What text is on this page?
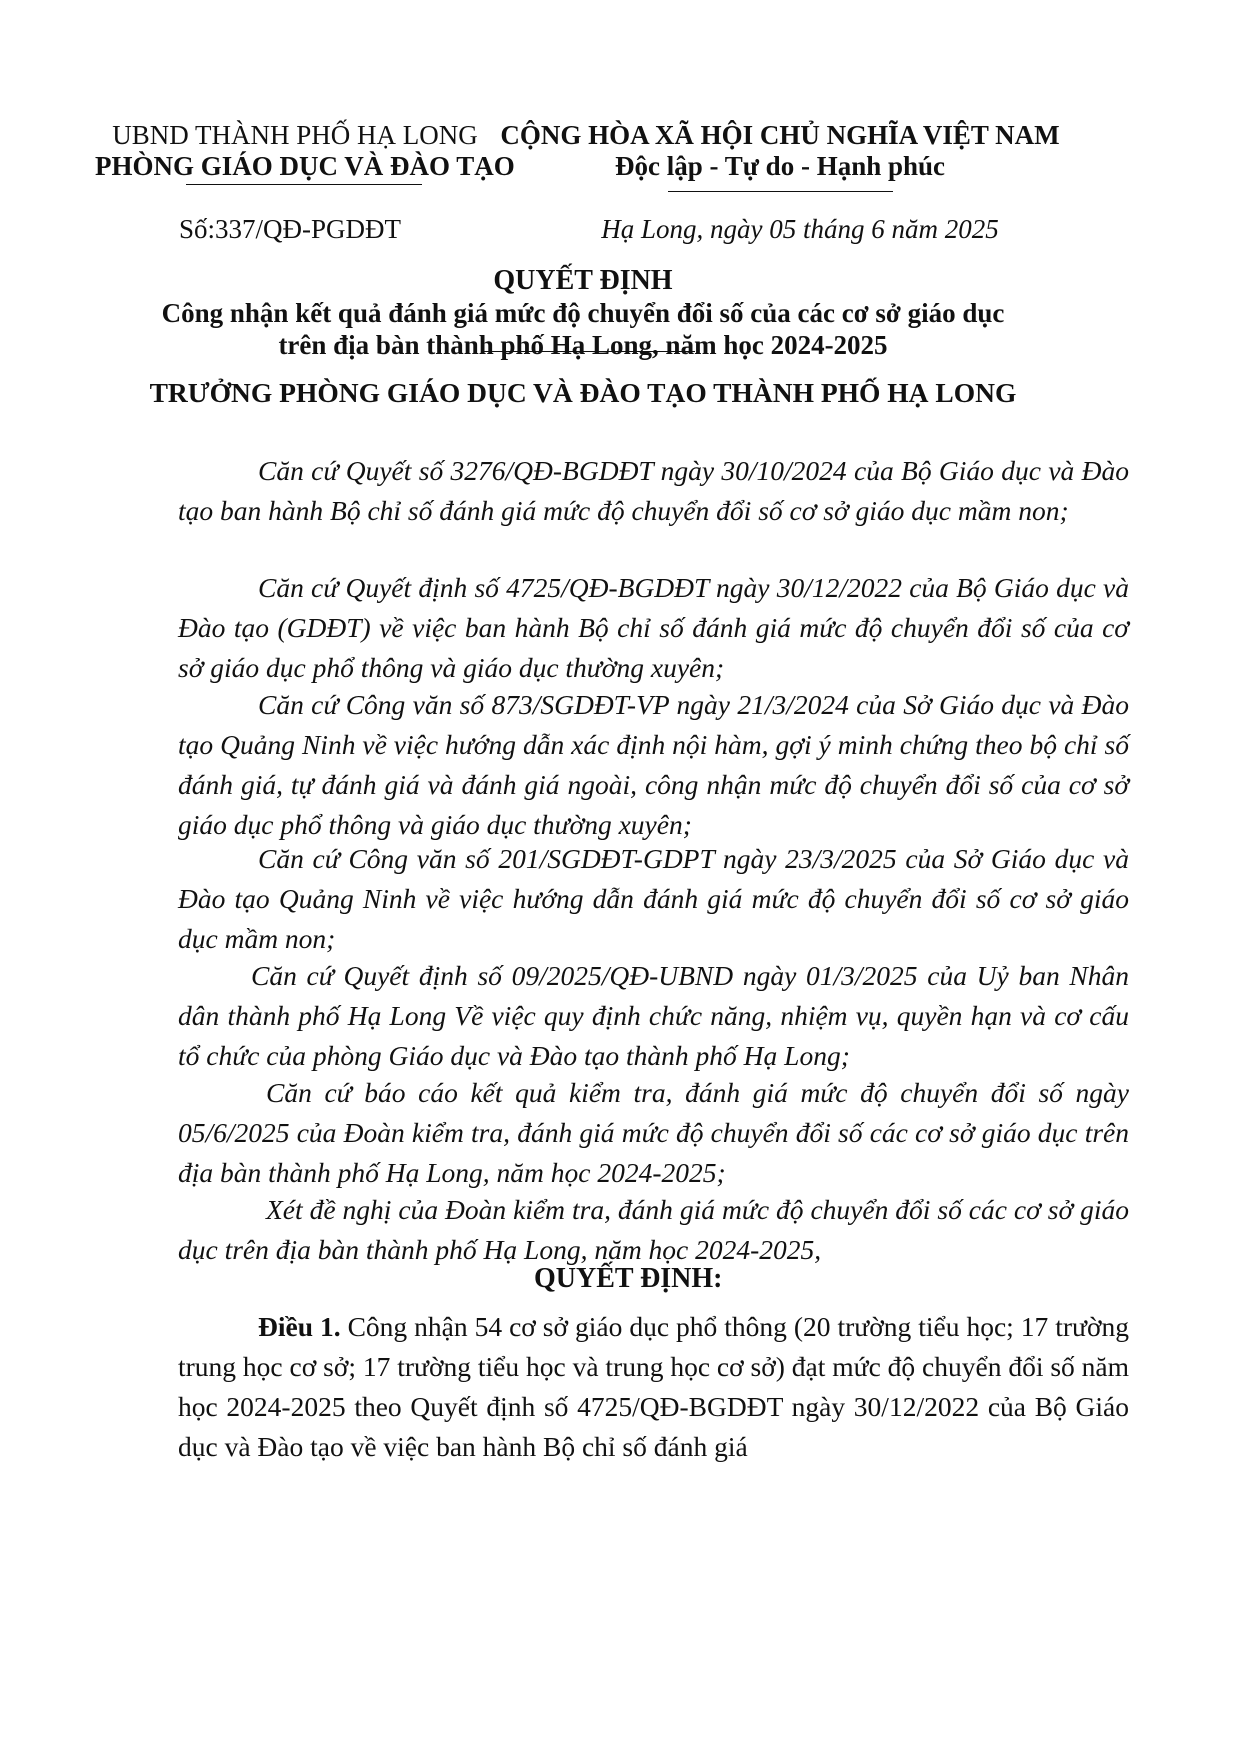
UBND THÀNH PHỐ HẠ LONG
PHÒNG GIÁO DỤC VÀ ĐÀO TẠO
CỘNG HÒA XÃ HỘI CHỦ NGHĨA VIỆT NAM
Độc lập - Tự do - Hạnh phúc
Số:337/QĐ-PGDĐT	Hạ Long, ngày 05 tháng 6 năm 2025
QUYẾT ĐỊNH
Công nhận kết quả đánh giá mức độ chuyển đổi số của các cơ sở giáo dục
trên địa bàn thành phố Hạ Long, năm học 2024-2025
TRƯỞNG PHÒNG GIÁO DỤC VÀ ĐÀO TẠO THÀNH PHỐ HẠ LONG
Căn cứ Quyết số 3276/QĐ-BGDĐT ngày 30/10/2024 của Bộ Giáo dục và Đào tạo ban hành Bộ chỉ số đánh giá mức độ chuyển đổi số cơ sở giáo dục mầm non;
Căn cứ Quyết định số 4725/QĐ-BGDĐT ngày 30/12/2022 của Bộ Giáo dục và Đào tạo (GDĐT) về việc ban hành Bộ chỉ số đánh giá mức độ chuyển đổi số của cơ sở giáo dục phổ thông và giáo dục thường xuyên;
Căn cứ Công văn số 873/SGDĐT-VP ngày 21/3/2024 của Sở Giáo dục và Đào tạo Quảng Ninh về việc hướng dẫn xác định nội hàm, gợi ý minh chứng theo bộ chỉ số đánh giá, tự đánh giá và đánh giá ngoài, công nhận mức độ chuyển đổi số của cơ sở giáo dục phổ thông và giáo dục thường xuyên;
Căn cứ Công văn số 201/SGDĐT-GDPT ngày 23/3/2025 của Sở Giáo dục và Đào tạo Quảng Ninh về việc hướng dẫn đánh giá mức độ chuyển đổi số cơ sở giáo dục mầm non;
Căn cứ Quyết định số 09/2025/QĐ-UBND ngày 01/3/2025 của Uỷ ban Nhân dân thành phố Hạ Long Về việc quy định chức năng, nhiệm vụ, quyền hạn và cơ cấu tổ chức của phòng Giáo dục và Đào tạo thành phố Hạ Long;
Căn cứ báo cáo kết quả kiểm tra, đánh giá mức độ chuyển đổi số ngày 05/6/2025 của Đoàn kiểm tra, đánh giá mức độ chuyển đổi số các cơ sở giáo dục trên địa bàn thành phố Hạ Long, năm học 2024-2025;
Xét đề nghị của Đoàn kiểm tra, đánh giá mức độ chuyển đổi số các cơ sở giáo dục trên địa bàn thành phố Hạ Long, năm học 2024-2025,
QUYẾT ĐỊNH:
Điều 1. Công nhận 54 cơ sở giáo dục phổ thông (20 trường tiểu học; 17 trường trung học cơ sở; 17 trường tiểu học và trung học cơ sở) đạt mức độ chuyển đổi số năm học 2024-2025 theo Quyết định số 4725/QĐ-BGDĐT ngày 30/12/2022 của Bộ Giáo dục và Đào tạo về việc ban hành Bộ chỉ số đánh giá
